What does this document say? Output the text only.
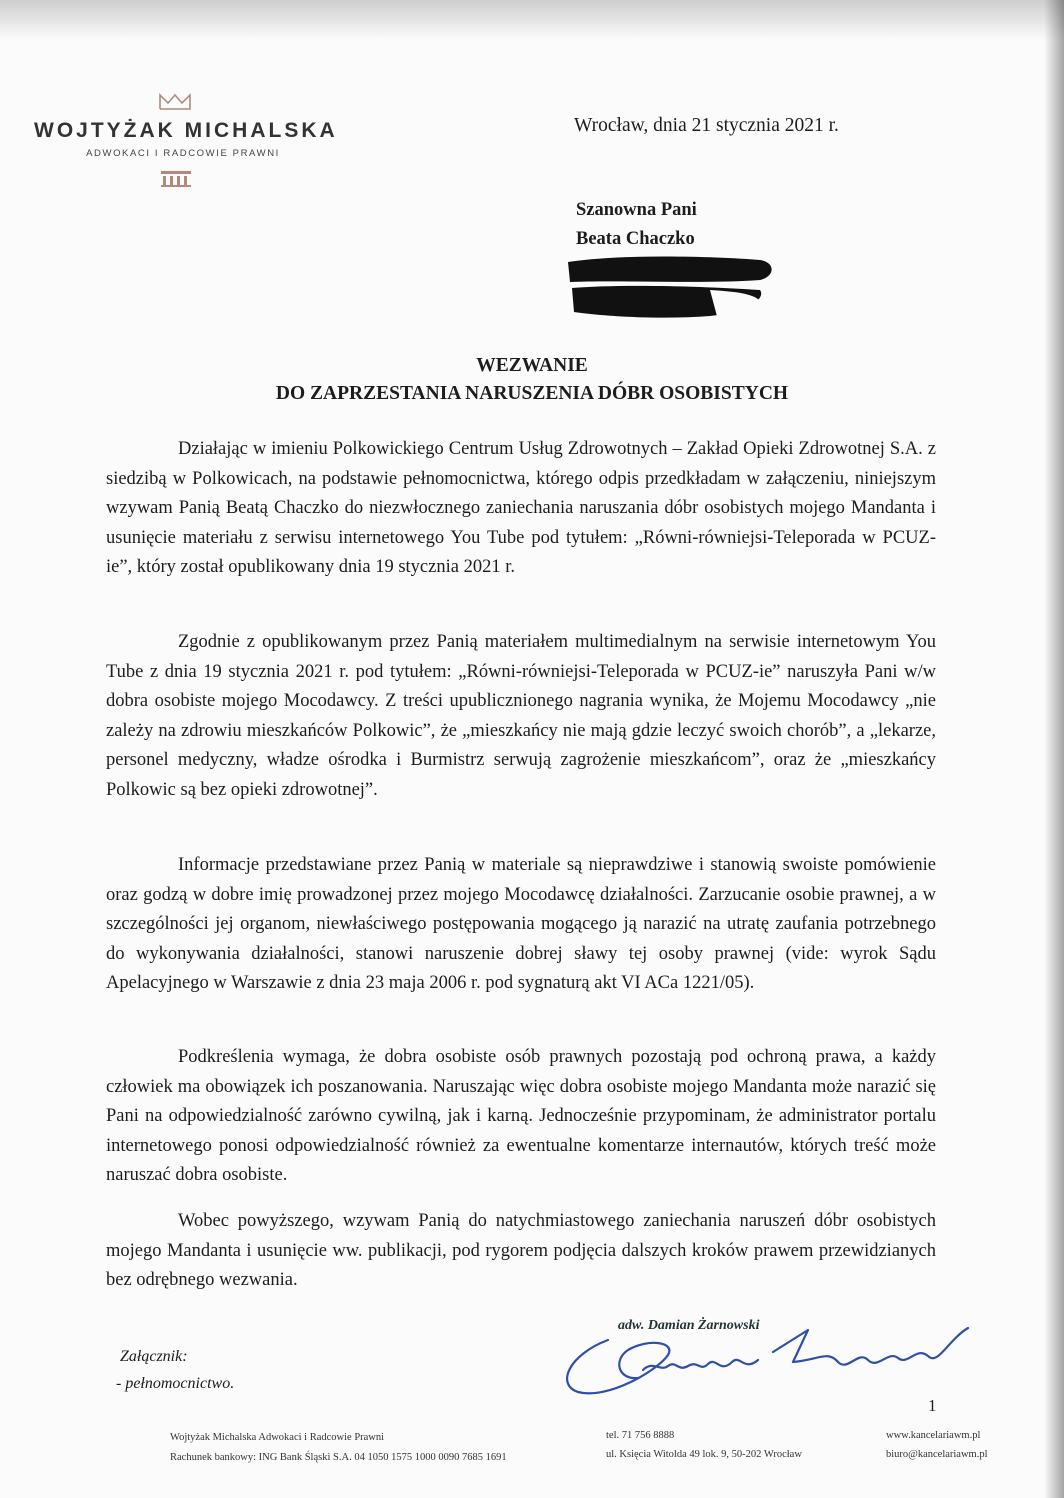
WOJTYŻAK MICHALSKA
ADWOKACI I RADCOWIE PRAWNI
Wrocław, dnia 21 stycznia 2021 r.
Szanowna Pani
Beata Chaczko
WEZWANIE
DO ZAPRZESTANIA NARUSZENIA DÓBR OSOBISTYCH

Działając w imieniu Polkowickiego Centrum Usług Zdrowotnych – Zakład Opieki Zdrowotnej S.A. z siedzibą w Polkowicach, na podstawie pełnomocnictwa, którego odpis przedkładam w załączeniu, niniejszym wzywam Panią Beatą Chaczko do niezwłocznego zaniechania naruszania dóbr osobistych mojego Mandanta i usunięcie materiału z serwisu internetowego You Tube pod tytułem: „Równi-równiejsi-Teleporada w PCUZ-ie”, który został opublikowany dnia 19 stycznia 2021 r.

Zgodnie z opublikowanym przez Panią materiałem multimedialnym na serwisie internetowym You Tube z dnia 19 stycznia 2021 r. pod tytułem: „Równi-równiejsi-Teleporada w PCUZ-ie” naruszyła Pani w/w dobra osobiste mojego Mocodawcy. Z treści upublicznionego nagrania wynika, że Mojemu Mocodawcy „nie zależy na zdrowiu mieszkańców Polkowic”, że „mieszkańcy nie mają gdzie leczyć swoich chorób”, a „lekarze, personel medyczny, władze ośrodka i Burmistrz serwują zagrożenie mieszkańcom”, oraz że „mieszkańcy Polkowic są bez opieki zdrowotnej”.

Informacje przedstawiane przez Panią w materiale są nieprawdziwe i stanowią swoiste pomówienie oraz godzą w dobre imię prowadzonej przez mojego Mocodawcę działalności. Zarzucanie osobie prawnej, a w szczególności jej organom, niewłaściwego postępowania mogącego ją narazić na utratę zaufania potrzebnego do wykonywania działalności, stanowi naruszenie dobrej sławy tej osoby prawnej (vide: wyrok Sądu Apelacyjnego w Warszawie z dnia 23 maja 2006 r. pod sygnaturą akt VI ACa 1221/05).

Podkreślenia wymaga, że dobra osobiste osób prawnych pozostają pod ochroną prawa, a każdy człowiek ma obowiązek ich poszanowania. Naruszając więc dobra osobiste mojego Mandanta może narazić się Pani na odpowiedzialność zarówno cywilną, jak i karną. Jednocześnie przypominam, że administrator portalu internetowego ponosi odpowiedzialność również za ewentualne komentarze internautów, których treść może naruszać dobra osobiste.

Wobec powyższego, wzywam Panią do natychmiastowego zaniechania naruszeń dóbr osobistych mojego Mandanta i usunięcie ww. publikacji, pod rygorem podjęcia dalszych kroków prawem przewidzianych bez odrębnego wezwania.

adw. Damian Żarnowski
Załącznik:
- pełnomocnictwo.
1
Wojtyżak Michalska Adwokaci i Radcowie Prawni
Rachunek bankowy: ING Bank Śląski S.A. 04 1050 1575 1000 0090 7685 1691
tel. 71 756 8888
ul. Księcia Witolda 49 lok. 9, 50-202 Wrocław
www.kancelariawm.pl
biuro@kancelariawm.pl
